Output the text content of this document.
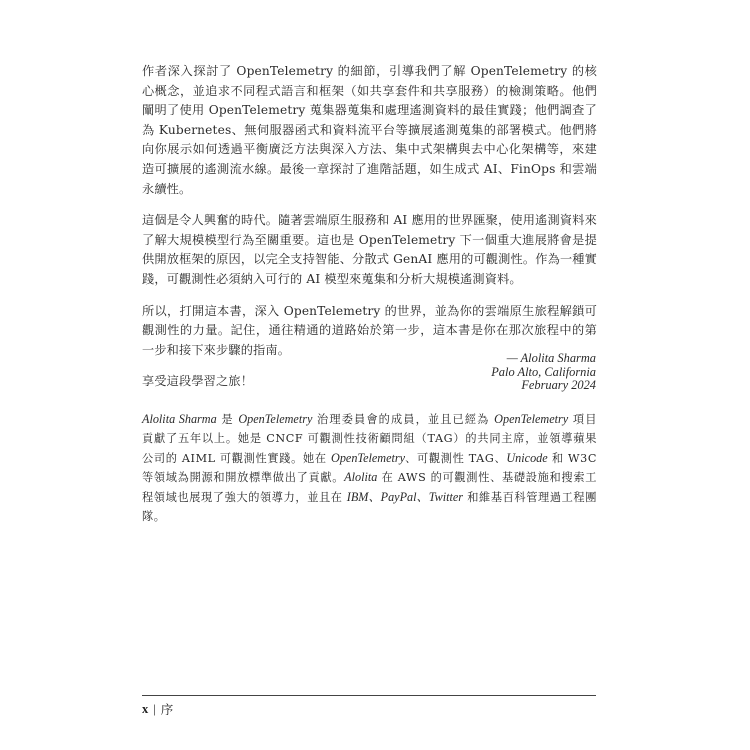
作者深入探討了 OpenTelemetry 的細節，引導我們了解 OpenTelemetry 的核心概念，並追求不同程式語言和框架（如共享套件和共享服務）的檢測策略。他們闡明了使用 OpenTelemetry 蒐集器蒐集和處理遙測資料的最佳實踐；他們調查了為 Kubernetes、無伺服器函式和資料流平台等擴展遙測蒐集的部署模式。他們將向你展示如何透過平衡廣泛方法與深入方法、集中式架構與去中心化架構等，來建造可擴展的遙測流水線。最後一章探討了進階話題，如生成式 AI、FinOps 和雲端永續性。

這個是令人興奮的時代。隨著雲端原生服務和 AI 應用的世界匯聚，使用遙測資料來了解大規模模型行為至關重要。這也是 OpenTelemetry 下一個重大進展將會是提供開放框架的原因，以完全支持智能、分散式 GenAI 應用的可觀測性。作為一種實踐，可觀測性必須納入可行的 AI 模型來蒐集和分析大規模遙測資料。

所以，打開這本書，深入 OpenTelemetry 的世界，並為你的雲端原生旅程解鎖可觀測性的力量。記住，通往精通的道路始於第一步，這本書是你在那次旅程中的第一步和接下來步驟的指南。

享受這段學習之旅！

— Alolita Sharma
Palo Alto, California
February 2024
Alolita Sharma 是 OpenTelemetry 治理委員會的成員，並且已經為 OpenTelemetry 項目貢獻了五年以上。她是 CNCF 可觀測性技術顧問組（TAG）的共同主席，並領導蘋果公司的 AIML 可觀測性實踐。她在 OpenTelemetry、可觀測性 TAG、Unicode 和 W3C 等領域為開源和開放標準做出了貢獻。Alolita 在 AWS 的可觀測性、基礎設施和搜索工程領域也展現了強大的領導力，並且在 IBM、PayPal、Twitter 和維基百科管理過工程團隊。
x | 序
